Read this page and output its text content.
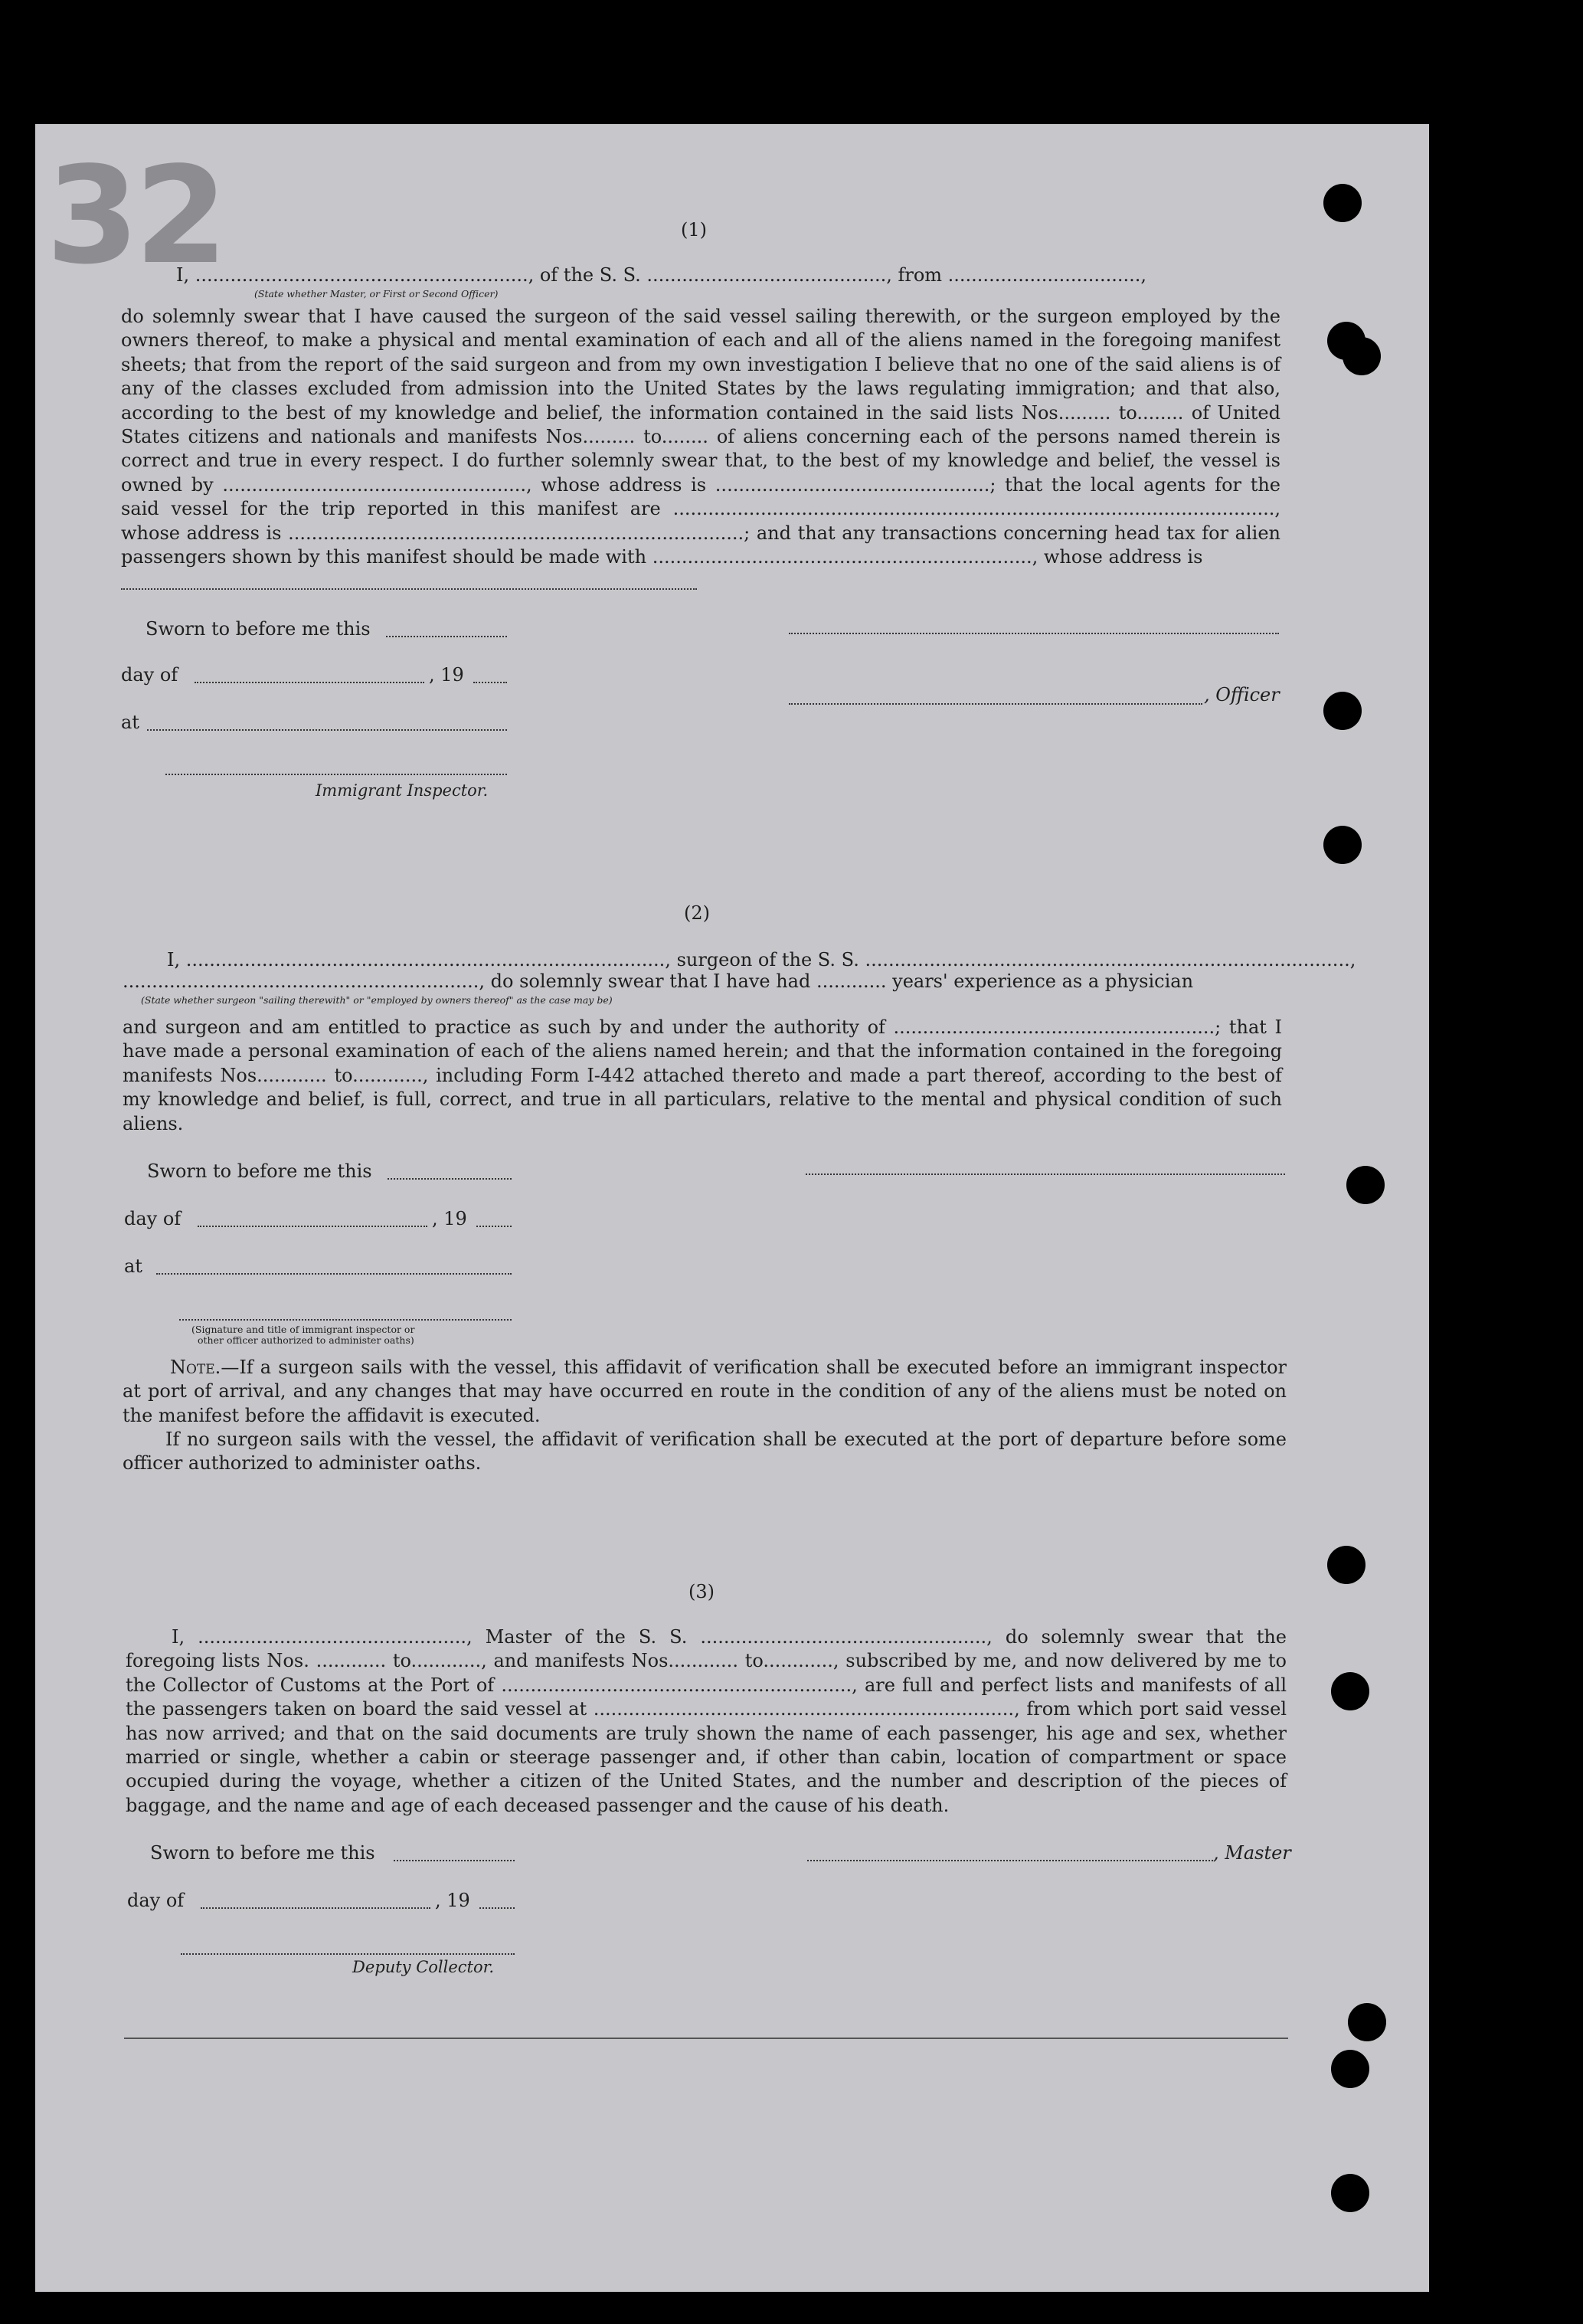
32	(1)
I, ........................................................., of the S. S. ........................................., from .................................,
(State whether Master, or First or Second Officer)
do solemnly swear that I have caused the surgeon of the said vessel sailing therewith, or the surgeon employed by the owners thereof, to make a physical and mental examination of each and all of the aliens named in the foregoing manifest sheets; that from the report of the said surgeon and from my own investigation I believe that no one of the said aliens is of any of the classes excluded from admission into the United States by the laws regulating immigration; and that also, according to the best of my knowledge and belief, the information contained in the said lists Nos......... to........ of United States citizens and nationals and manifests Nos......... to........ of aliens concerning each of the persons named therein is correct and true in every respect. I do further solemnly swear that, to the best of my knowledge and belief, the vessel is owned by ...................................................., whose address is ...............................................; that the local agents for the said vessel for the trip reported in this manifest are ......................................................................................................., whose address is ..............................................................................; and that any transactions concerning head tax for alien passengers shown by this manifest should be made with ................................................................., whose address is
Sworn to before me this
day of	, 19
, Officer
at
Immigrant Inspector.
(2)
I, .................................................................................., surgeon of the S. S. ...................................................................................,
............................................................., do solemnly swear that I have had ............ years' experience as a physician
(State whether surgeon "sailing therewith" or "employed by owners thereof" as the case may be)
and surgeon and am entitled to practice as such by and under the authority of .......................................................; that I have made a personal examination of each of the aliens named herein; and that the information contained in the foregoing manifests Nos............ to............, including Form I-442 attached thereto and made a part thereof, according to the best of my knowledge and belief, is full, correct, and true in all particulars, relative to the mental and physical condition of such aliens.
Sworn to before me this
day of	, 19
at
(Signature and title of immigrant inspector or
other officer authorized to administer oaths)
Note.—If a surgeon sails with the vessel, this affidavit of verification shall be executed before an immigrant inspector at port of arrival, and any changes that may have occurred en route in the condition of any of the aliens must be noted on the manifest before the affidavit is executed.
If no surgeon sails with the vessel, the affidavit of verification shall be executed at the port of departure before some officer authorized to administer oaths.
(3)
I, .............................................., Master of the S. S. ................................................., do solemnly swear that the foregoing lists Nos. ............ to............, and manifests Nos............ to............, subscribed by me, and now delivered by me to the Collector of Customs at the Port of ............................................................, are full and perfect lists and manifests of all the passengers taken on board the said vessel at ........................................................................, from which port said vessel has now arrived; and that on the said documents are truly shown the name of each passenger, his age and sex, whether married or single, whether a cabin or steerage passenger and, if other than cabin, location of compartment or space occupied during the voyage, whether a citizen of the United States, and the number and description of the pieces of baggage, and the name and age of each deceased passenger and the cause of his death.
Sworn to before me this	, Master
day of	, 19
Deputy Collector.
